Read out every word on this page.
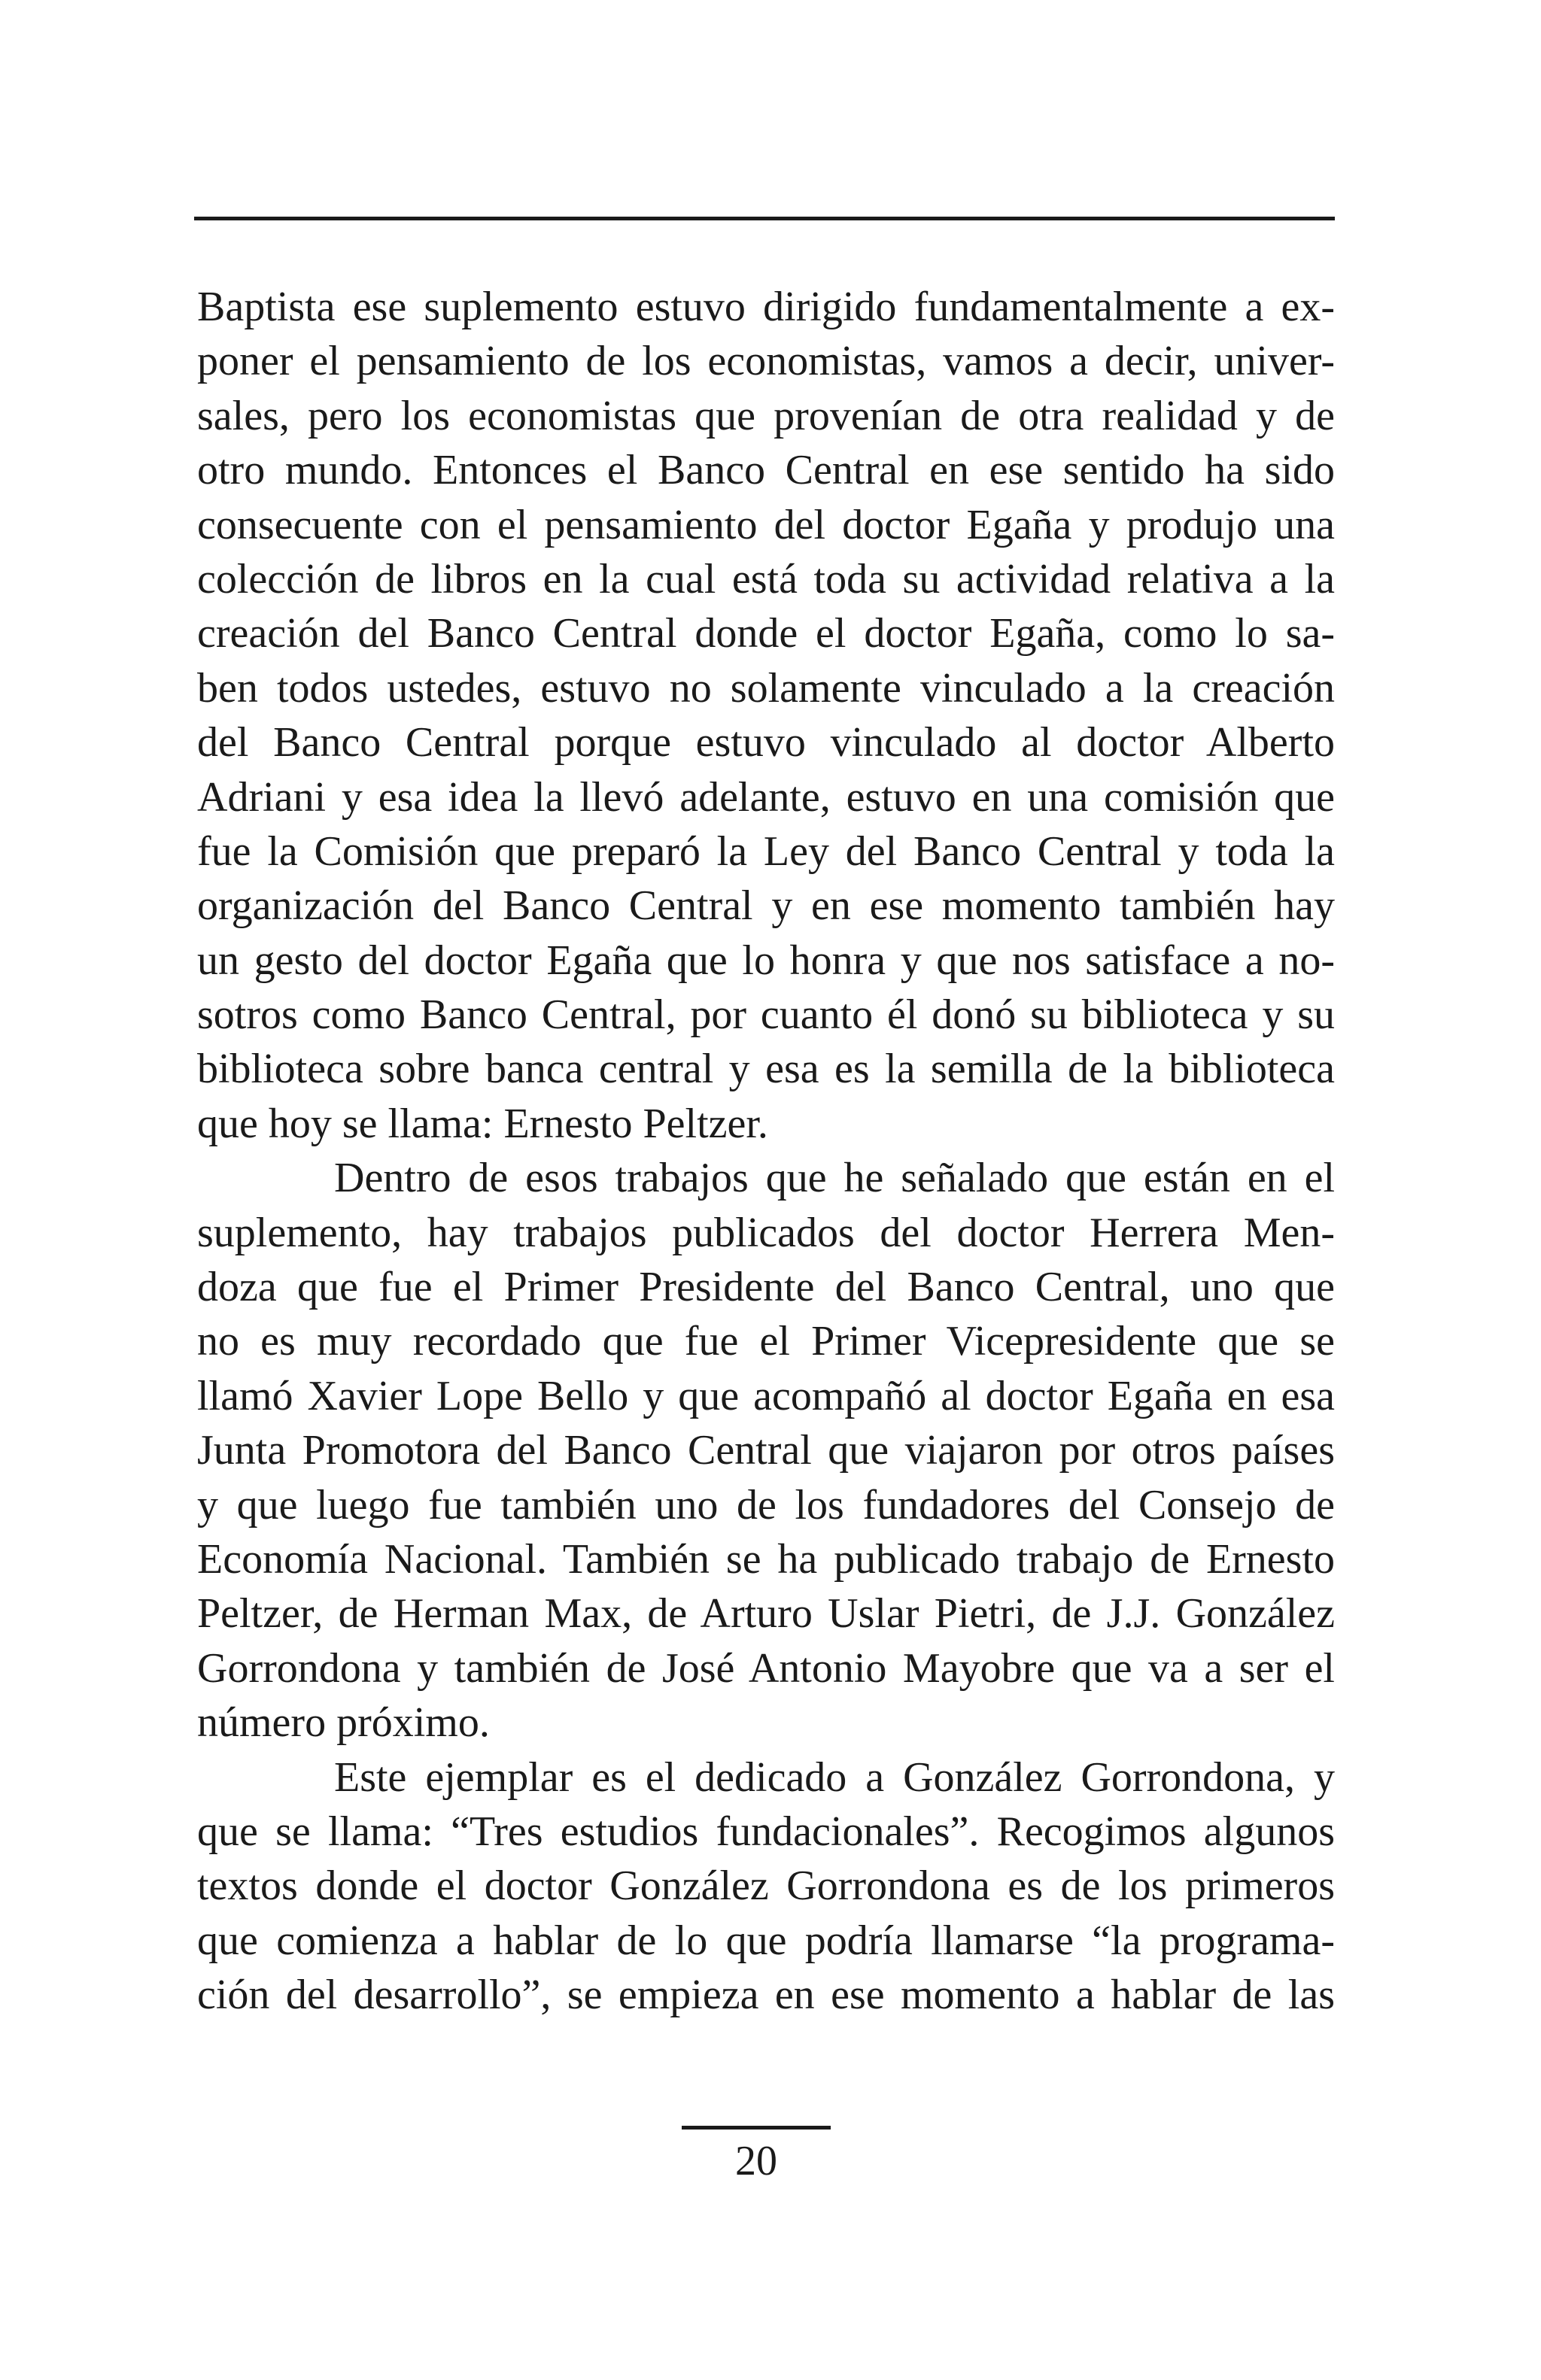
Baptista ese suplemento estuvo dirigido fundamentalmente a ex-
poner el pensamiento de los economistas, vamos a decir, univer-
sales, pero los economistas que provenían de otra realidad y de
otro mundo. Entonces el Banco Central en ese sentido ha sido
consecuente con el pensamiento del doctor Egaña y produjo una
colección de libros en la cual está toda su actividad relativa a la
creación del Banco Central donde el doctor Egaña, como lo sa-
ben todos ustedes, estuvo no solamente vinculado a la creación
del Banco Central porque estuvo vinculado al doctor Alberto
Adriani y esa idea la llevó adelante, estuvo en una comisión que
fue la Comisión que preparó la Ley del Banco Central y toda la
organización del Banco Central y en ese momento también hay
un gesto del doctor Egaña que lo honra y que nos satisface a no-
sotros como Banco Central, por cuanto él donó su biblioteca y su
biblioteca sobre banca central y esa es la semilla de la biblioteca
que hoy se llama: Ernesto Peltzer.
Dentro de esos trabajos que he señalado que están en el
suplemento, hay trabajos publicados del doctor Herrera Men-
doza que fue el Primer Presidente del Banco Central, uno que
no es muy recordado que fue el Primer Vicepresidente que se
llamó Xavier Lope Bello y que acompañó al doctor Egaña en esa
Junta Promotora del Banco Central que viajaron por otros países
y que luego fue también uno de los fundadores del Consejo de
Economía Nacional. También se ha publicado trabajo de Ernesto
Peltzer, de Herman Max, de Arturo Uslar Pietri, de J.J. González
Gorrondona y también de José Antonio Mayobre que va a ser el
número próximo.
Este ejemplar es el dedicado a González Gorrondona, y
que se llama: “Tres estudios fundacionales”. Recogimos algunos
textos donde el doctor González Gorrondona es de los primeros
que comienza a hablar de lo que podría llamarse “la programa-
ción del desarrollo”, se empieza en ese momento a hablar de las
20
